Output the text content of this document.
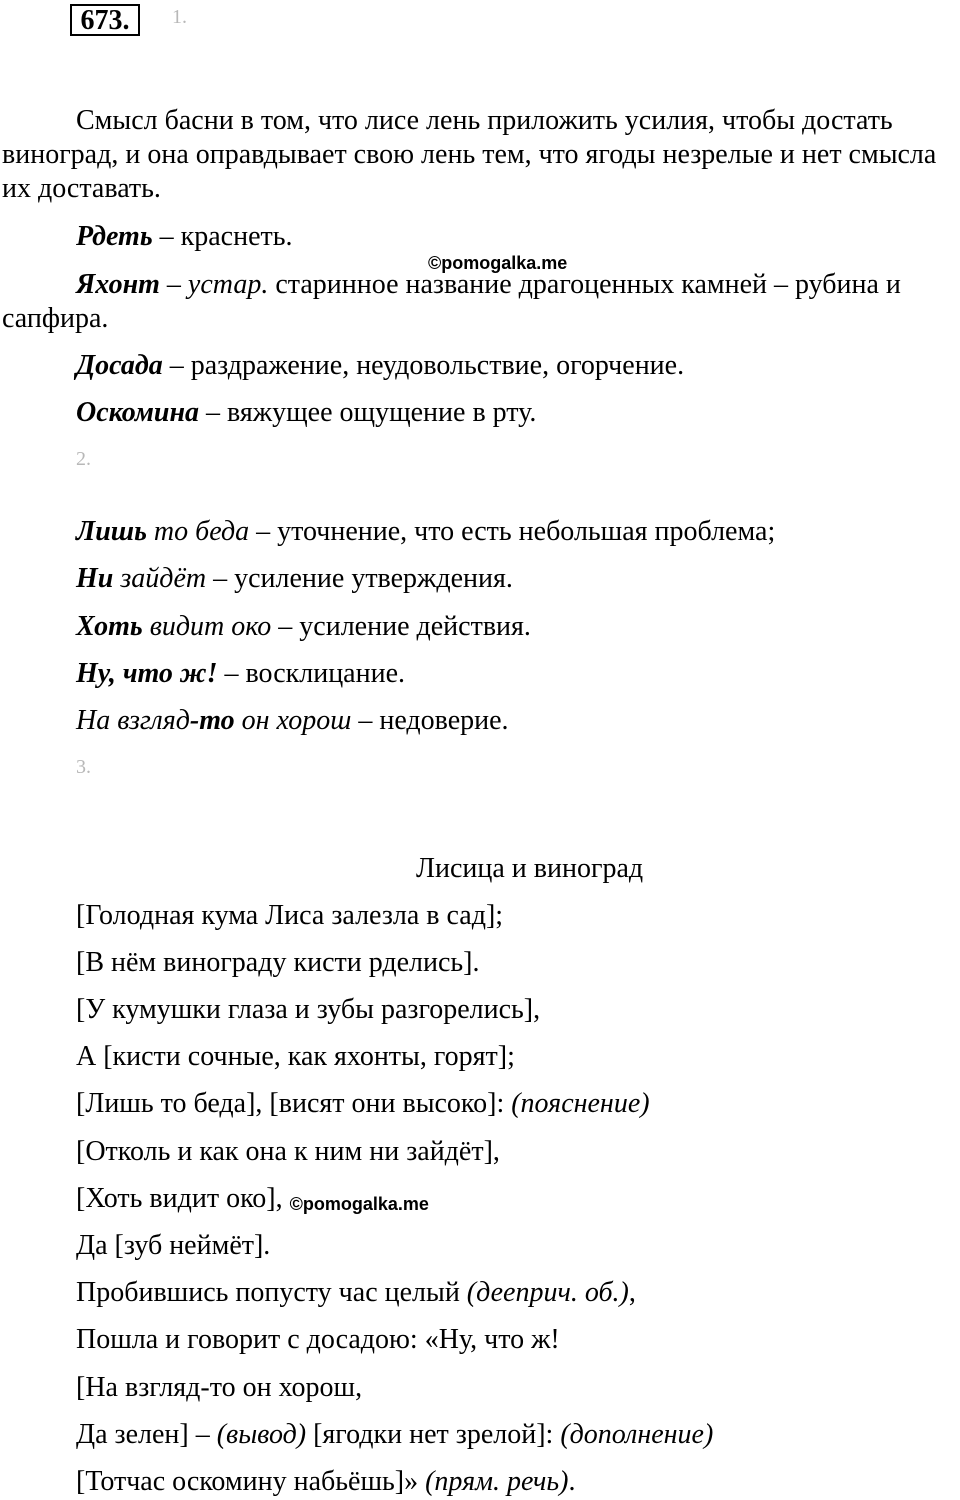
673.	1.
Смысл басни в том, что лисе лень приложить усилия, чтобы достать виноград, и она оправдывает свою лень тем, что ягоды незрелые и нет смысла их доставать.
Рдеть – краснеть.
©pomogalka.me
Яхонт – устар. старинное название драгоценных камней – рубина и сапфира.
Досада – раздражение, неудовольствие, огорчение.
Оскомина – вяжущее ощущение в рту.
2.
Лишь то беда – уточнение, что есть небольшая проблема;
Ни зайдёт – усиление утверждения.
Хоть видит око – усиление действия.
Ну, что ж! – восклицание.
На взгляд-то он хорош – недоверие.
3.
Лисица и виноград
[Голодная кума Лиса залезла в сад];
[В нём винограду кисти рделись].
[У кумушки глаза и зубы разгорелись],
А [кисти сочные, как яхонты, горят];
[Лишь то беда], [висят они высоко]: (пояснение)
[Отколь и как она к ним ни зайдёт],
[Хоть видит око], ©pomogalka.me
Да [зуб неймёт].
Пробившись попусту час целый (дееприч. об.),
Пошла и говорит с досадою: «Ну, что ж!
[На взгляд-то он хорош,
Да зелен] – (вывод) [ягодки нет зрелой]: (дополнение)
[Тотчас оскомину набьёшь]» (прям. речь).
